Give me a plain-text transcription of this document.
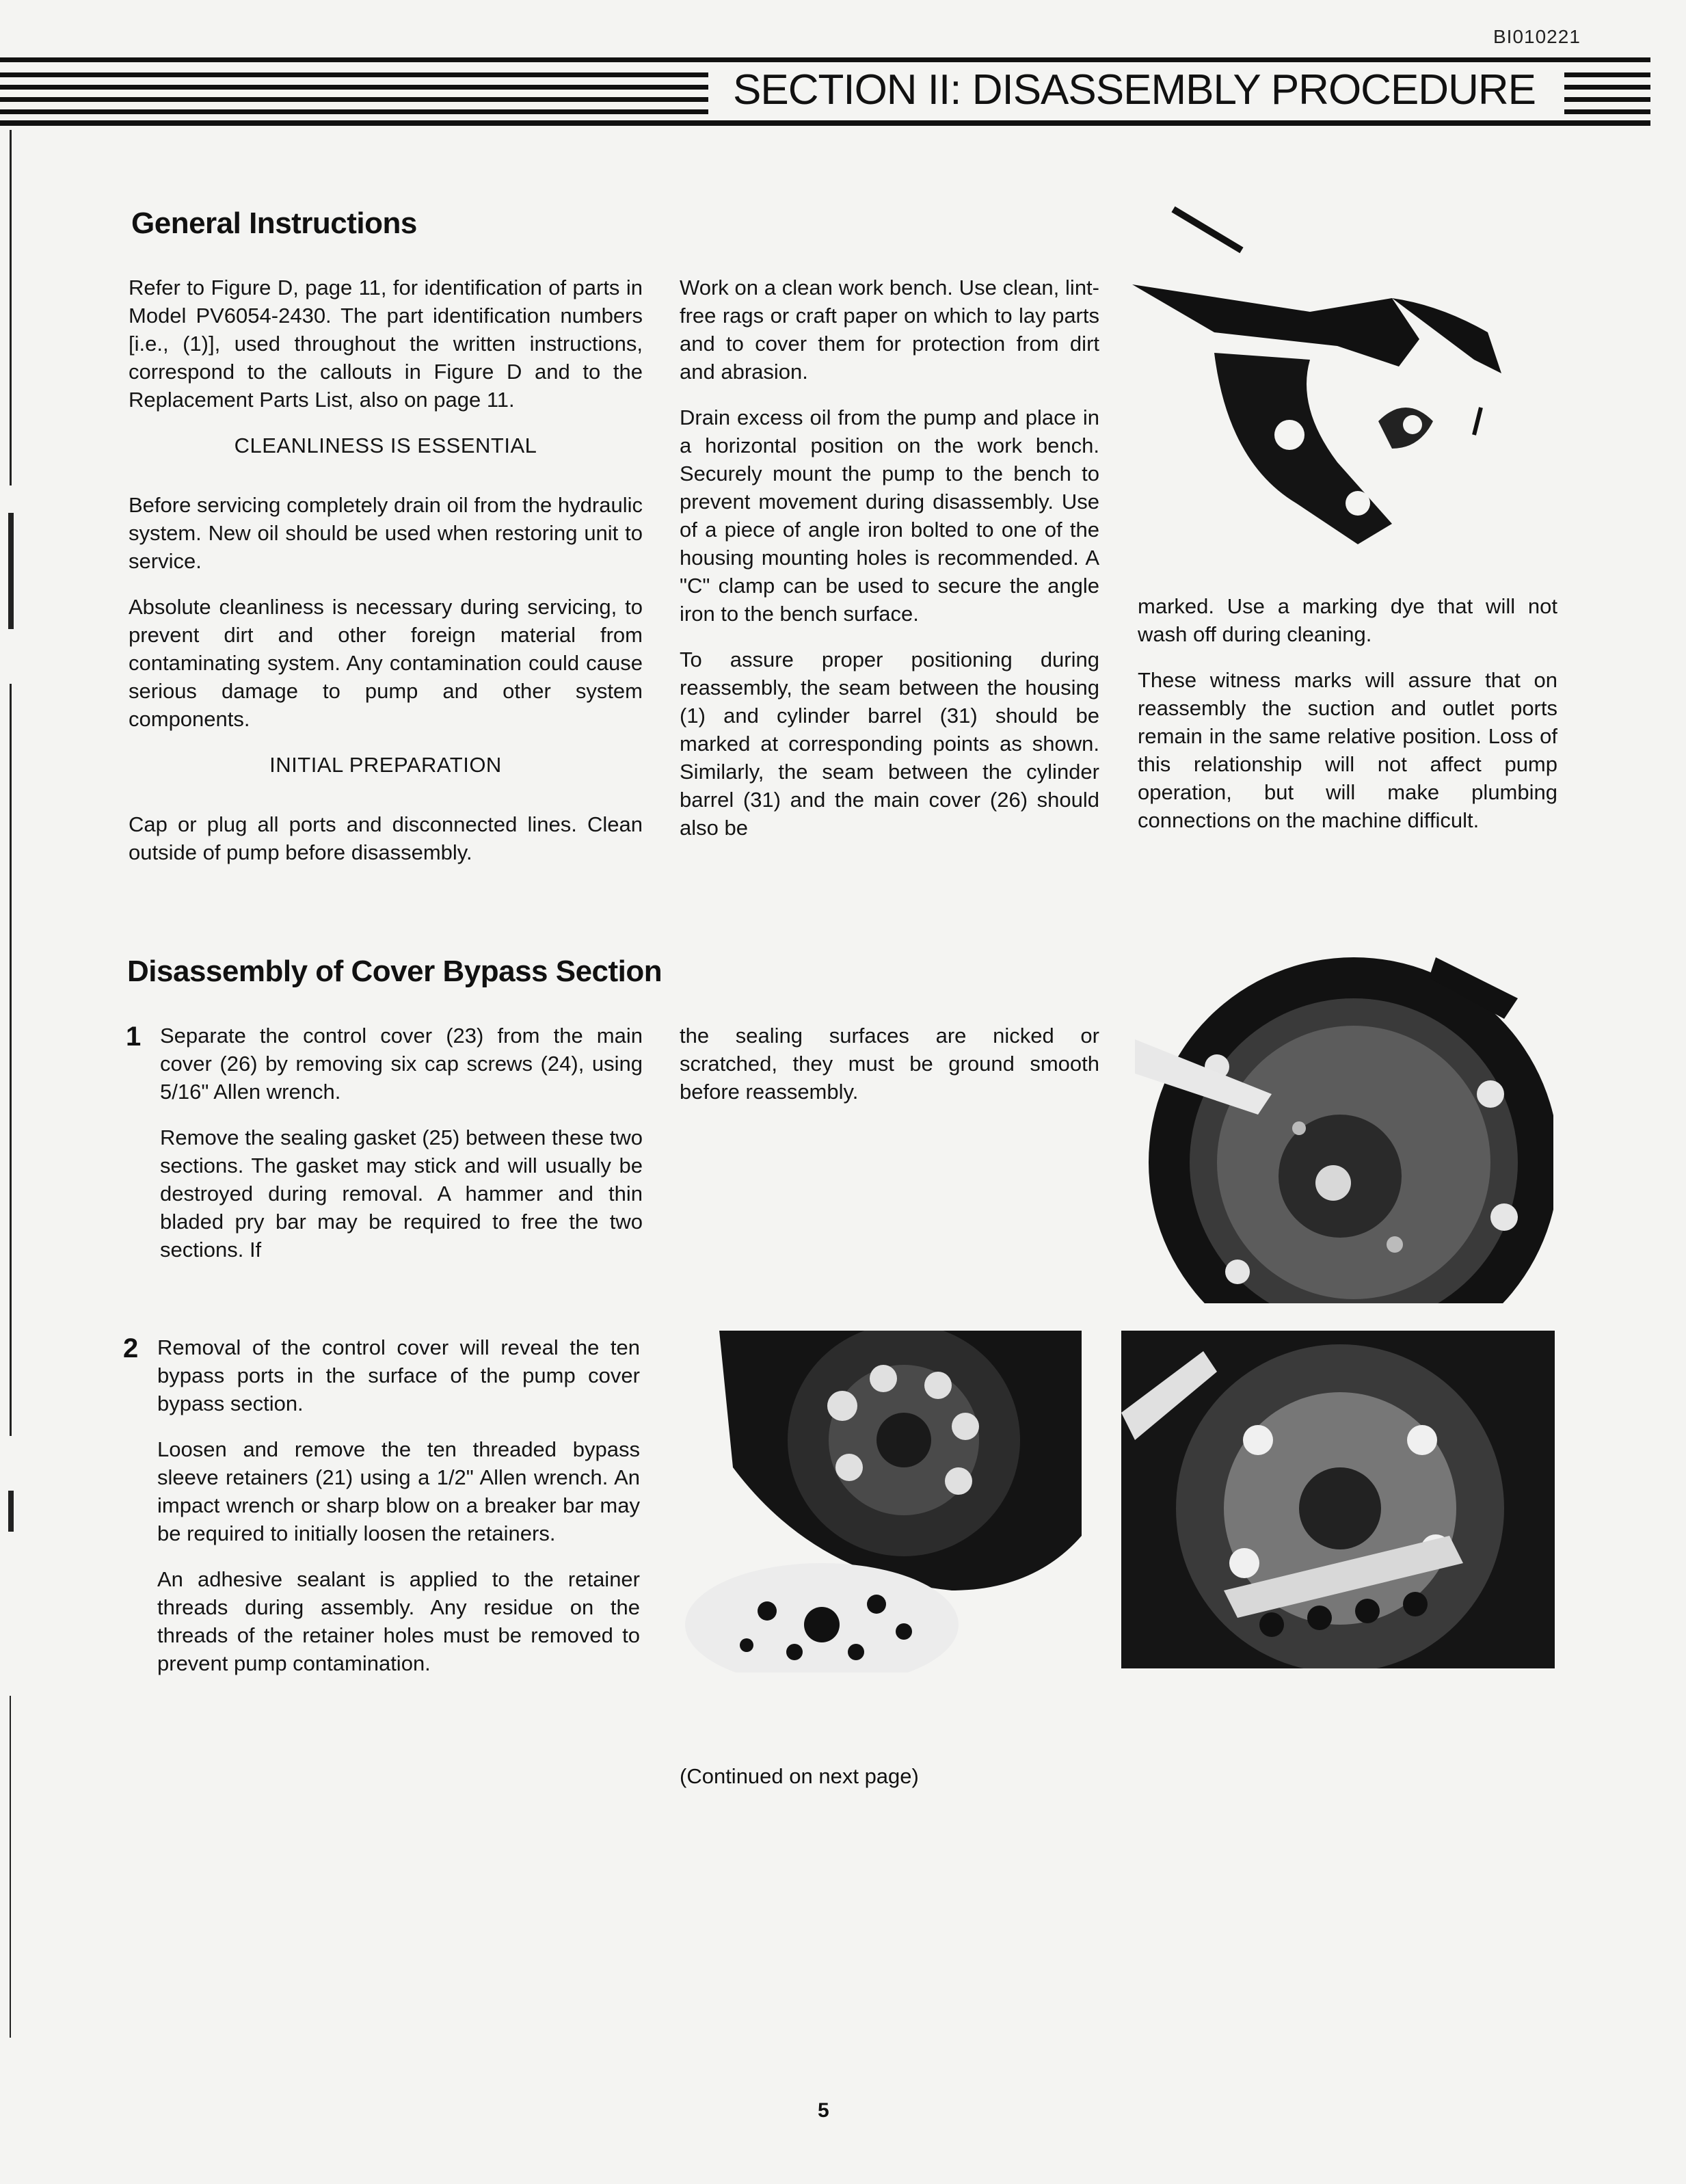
BI010221
SECTION II: DISASSEMBLY PROCEDURE
General Instructions

Refer to Figure D, page 11, for identification of parts in Model PV6054-2430. The part identification numbers [i.e., (1)], used throughout the written instructions, correspond to the callouts in Figure D and to the Replacement Parts List, also on page 11.

CLEANLINESS IS ESSENTIAL

Before servicing completely drain oil from the hydraulic system. New oil should be used when restoring unit to service.

Absolute cleanliness is necessary during servicing, to prevent dirt and other foreign material from contaminating system. Any contamination could cause serious damage to pump and other system components.

INITIAL PREPARATION

Cap or plug all ports and disconnected lines. Clean outside of pump before disassembly.

Work on a clean work bench. Use clean, lint-free rags or craft paper on which to lay parts and to cover them for protection from dirt and abrasion.

Drain excess oil from the pump and place in a horizontal position on the work bench. Securely mount the pump to the bench to prevent movement during disassembly. Use of a piece of angle iron bolted to one of the housing mounting holes is recommended. A "C" clamp can be used to secure the angle iron to the bench surface.

To assure proper positioning during reassembly, the seam between the housing (1) and cylinder barrel (31) should be marked at corresponding points as shown. Similarly, the seam between the cylinder barrel (31) and the main cover (26) should also be

marked. Use a marking dye that will not wash off during cleaning.

These witness marks will assure that on reassembly the suction and outlet ports remain in the same relative position. Loss of this relationship will not affect pump operation, but will make plumbing connections on the machine difficult.

Disassembly of Cover Bypass Section
1 Separate the control cover (23) from the main cover (26) by removing six cap screws (24), using 5/16" Allen wrench.

Remove the sealing gasket (25) between these two sections. The gasket may stick and will usually be destroyed during removal. A hammer and thin bladed pry bar may be required to free the two sections. If

the sealing surfaces are nicked or scratched, they must be ground smooth before reassembly.

2 Removal of the control cover will reveal the ten bypass ports in the surface of the pump cover bypass section.

Loosen and remove the ten threaded bypass sleeve retainers (21) using a 1/2" Allen wrench. An impact wrench or sharp blow on a breaker bar may be required to initially loosen the retainers.

An adhesive sealant is applied to the retainer threads during assembly. Any residue on the threads of the retainer holes must be removed to prevent pump contamination.

(Continued on next page)
5
